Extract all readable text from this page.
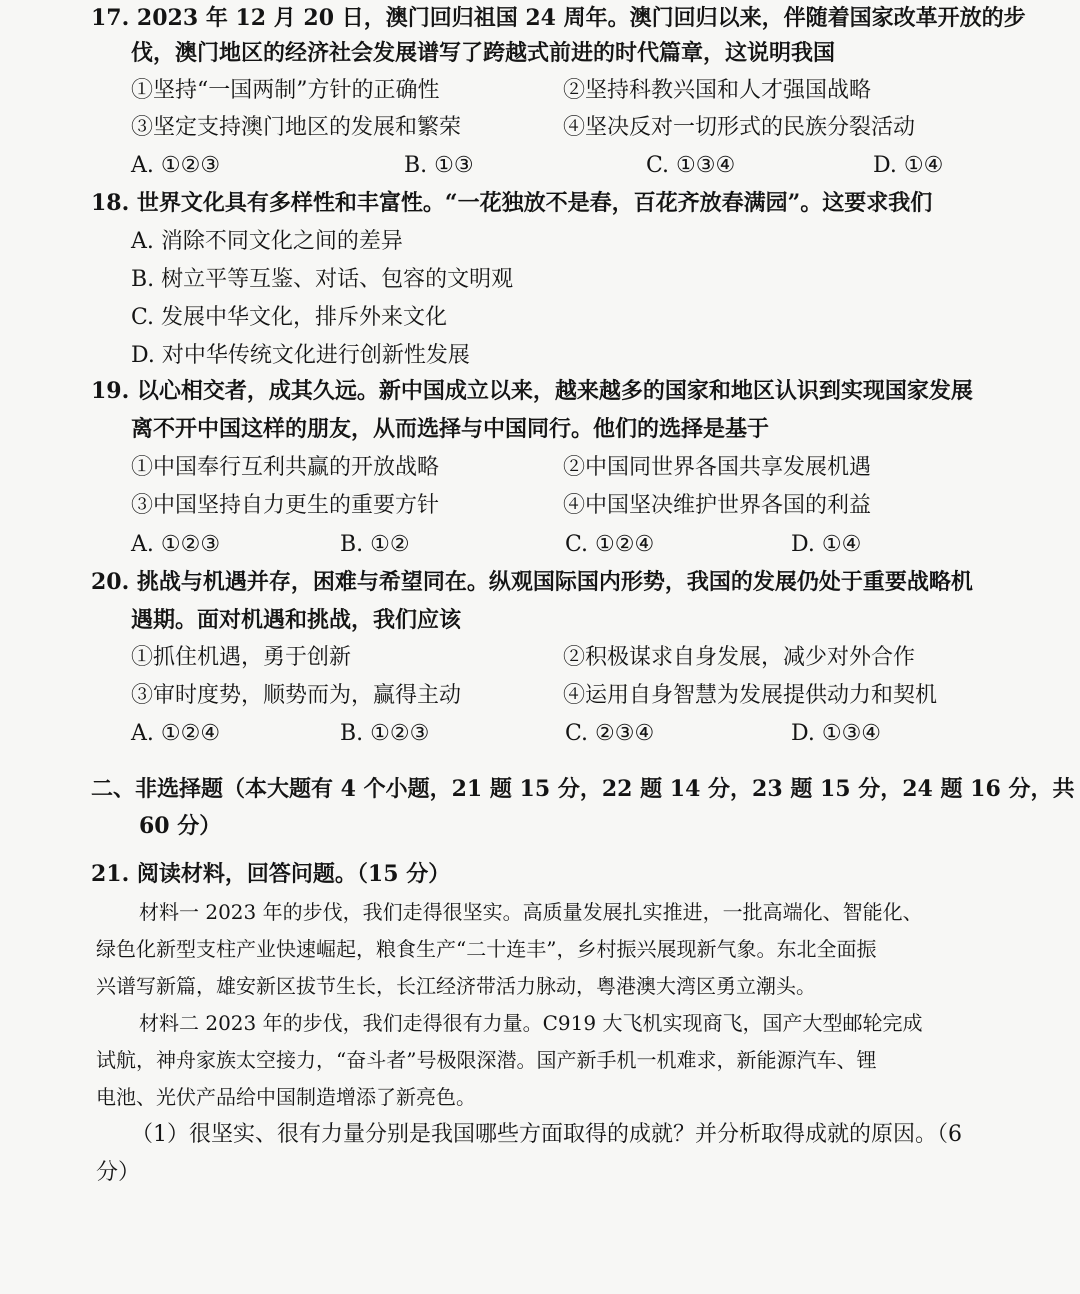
17. 2023 年 12 月 20 日，澳门回归祖国 24 周年。澳门回归以来，伴随着国家改革开放的步
伐，澳门地区的经济社会发展谱写了跨越式前进的时代篇章，这说明我国
①坚持“一国两制”方针的正确性	②坚持科教兴国和人才强国战略
③坚定支持澳门地区的发展和繁荣	④坚决反对一切形式的民族分裂活动
A. ①②③	B. ①③	C. ①③④	D. ①④
18. 世界文化具有多样性和丰富性。“一花独放不是春，百花齐放春满园”。这要求我们
A. 消除不同文化之间的差异
B. 树立平等互鉴、对话、包容的文明观
C. 发展中华文化，排斥外来文化
D. 对中华传统文化进行创新性发展
19. 以心相交者，成其久远。新中国成立以来，越来越多的国家和地区认识到实现国家发展
离不开中国这样的朋友，从而选择与中国同行。他们的选择是基于
①中国奉行互利共赢的开放战略	②中国同世界各国共享发展机遇
③中国坚持自力更生的重要方针	④中国坚决维护世界各国的利益
A. ①②③	B. ①②	C. ①②④	D. ①④
20. 挑战与机遇并存，困难与希望同在。纵观国际国内形势，我国的发展仍处于重要战略机
遇期。面对机遇和挑战，我们应该
①抓住机遇，勇于创新	②积极谋求自身发展，减少对外合作
③审时度势，顺势而为，赢得主动	④运用自身智慧为发展提供动力和契机
A. ①②④	B. ①②③	C. ②③④	D. ①③④
二、非选择题（本大题有 4 个小题，21 题 15 分，22 题 14 分，23 题 15 分，24 题 16 分，共
60 分）
21. 阅读材料，回答问题。（15 分）
材料一 2023 年的步伐，我们走得很坚实。高质量发展扎实推进，一批高端化、智能化、
绿色化新型支柱产业快速崛起，粮食生产“二十连丰”，乡村振兴展现新气象。东北全面振
兴谱写新篇，雄安新区拔节生长，长江经济带活力脉动，粤港澳大湾区勇立潮头。
材料二 2023 年的步伐，我们走得很有力量。C919 大飞机实现商飞，国产大型邮轮完成
试航，神舟家族太空接力，“奋斗者”号极限深潜。国产新手机一机难求，新能源汽车、锂
电池、光伏产品给中国制造增添了新亮色。
（1）很坚实、很有力量分别是我国哪些方面取得的成就？并分析取得成就的原因。（6
分）
